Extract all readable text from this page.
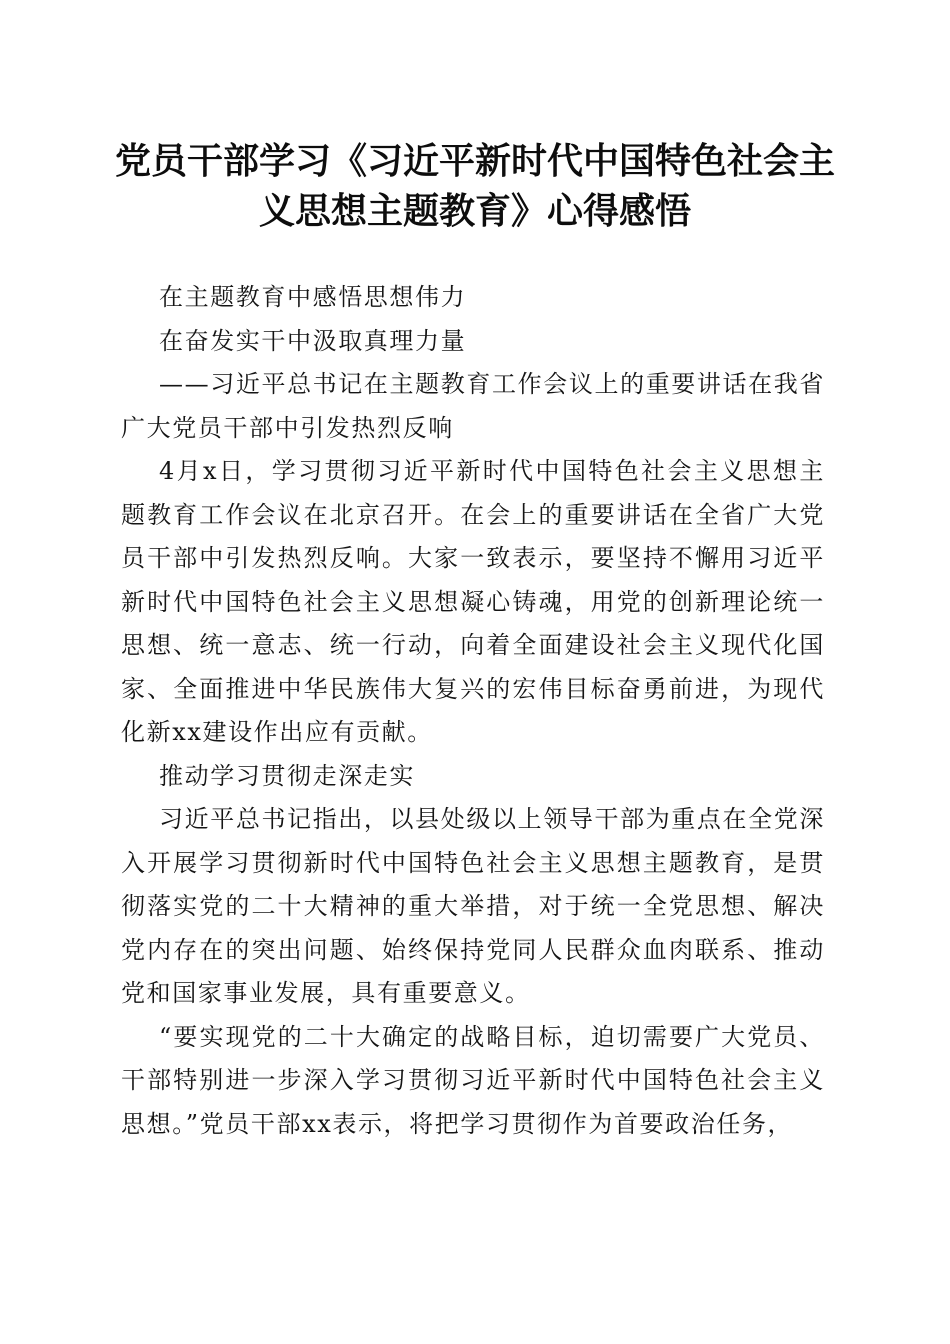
党员干部学习《习近平新时代中国特色社会主
义思想主题教育》心得感悟

在主题教育中感悟思想伟力

在奋发实干中汲取真理力量

——习近平总书记在主题教育工作会议上的重要讲话在我省广大党员干部中引发热烈反响

4月x日，学习贯彻习近平新时代中国特色社会主义思想主题教育工作会议在北京召开。在会上的重要讲话在全省广大党员干部中引发热烈反响。大家一致表示，要坚持不懈用习近平新时代中国特色社会主义思想凝心铸魂，用党的创新理论统一思想、统一意志、统一行动，向着全面建设社会主义现代化国家、全面推进中华民族伟大复兴的宏伟目标奋勇前进，为现代化新xx建设作出应有贡献。

推动学习贯彻走深走实

习近平总书记指出，以县处级以上领导干部为重点在全党深入开展学习贯彻新时代中国特色社会主义思想主题教育，是贯彻落实党的二十大精神的重大举措，对于统一全党思想、解决党内存在的突出问题、始终保持党同人民群众血肉联系、推动党和国家事业发展，具有重要意义。

“要实现党的二十大确定的战略目标，迫切需要广大党员、干部特别进一步深入学习贯彻习近平新时代中国特色社会主义思想。”党员干部xx表示，将把学习贯彻作为首要政治任务，
